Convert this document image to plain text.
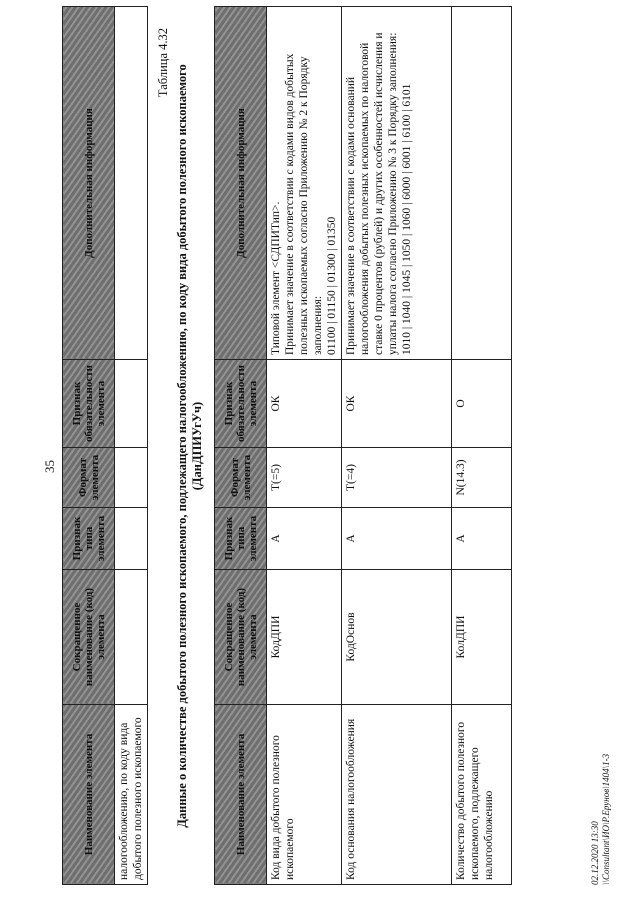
35
Наименование элемента	Сокращенное наименование (код) элемента	Признак типа элемента	Формат элемента	Признак обязательности элемента	Дополнительная информация
налогообложению, по коду вида добытого полезного ископаемого					
Таблица 4.32
Данные о количестве добытого полезного ископаемого, подлежащего налогообложению, по коду вида добытого полезного ископаемого (ДанДПИУгУч)
Наименование элемента	Сокращенное наименование (код) элемента	Признак типа элемента	Формат элемента	Признак обязательности элемента	Дополнительная информация
Код вида добытого полезного ископаемого	КодДПИ	А	T(=5)	ОК	Типовой элемент <СДПИТип>. Принимает значение в соответствии с кодами видов добытых полезных ископаемых согласно Приложению № 2 к Порядку заполнения: 01100 | 01150 | 01300 | 01350

Код основания налогообложения	КодОснов	А	T(=4)	ОК	Принимает значение в соответствии с кодами оснований налогообложения добытых полезных ископаемых по налоговой ставке 0 процентов (рублей) и других особенностей исчисления и уплаты налога согласно Приложению № 3 к Порядку заполнения: 1010 | 1040 | 1045 | 1050 | 1060 | 6000 | 6001 | 6100 | 6101

Количество добытого полезного ископаемого, подлежащего налогообложению	КолДПИ	А	N(14.3)	О	
02.12.2020 13:30 \\Consultant\ИО\Р.Ерунов\1404\1-3
